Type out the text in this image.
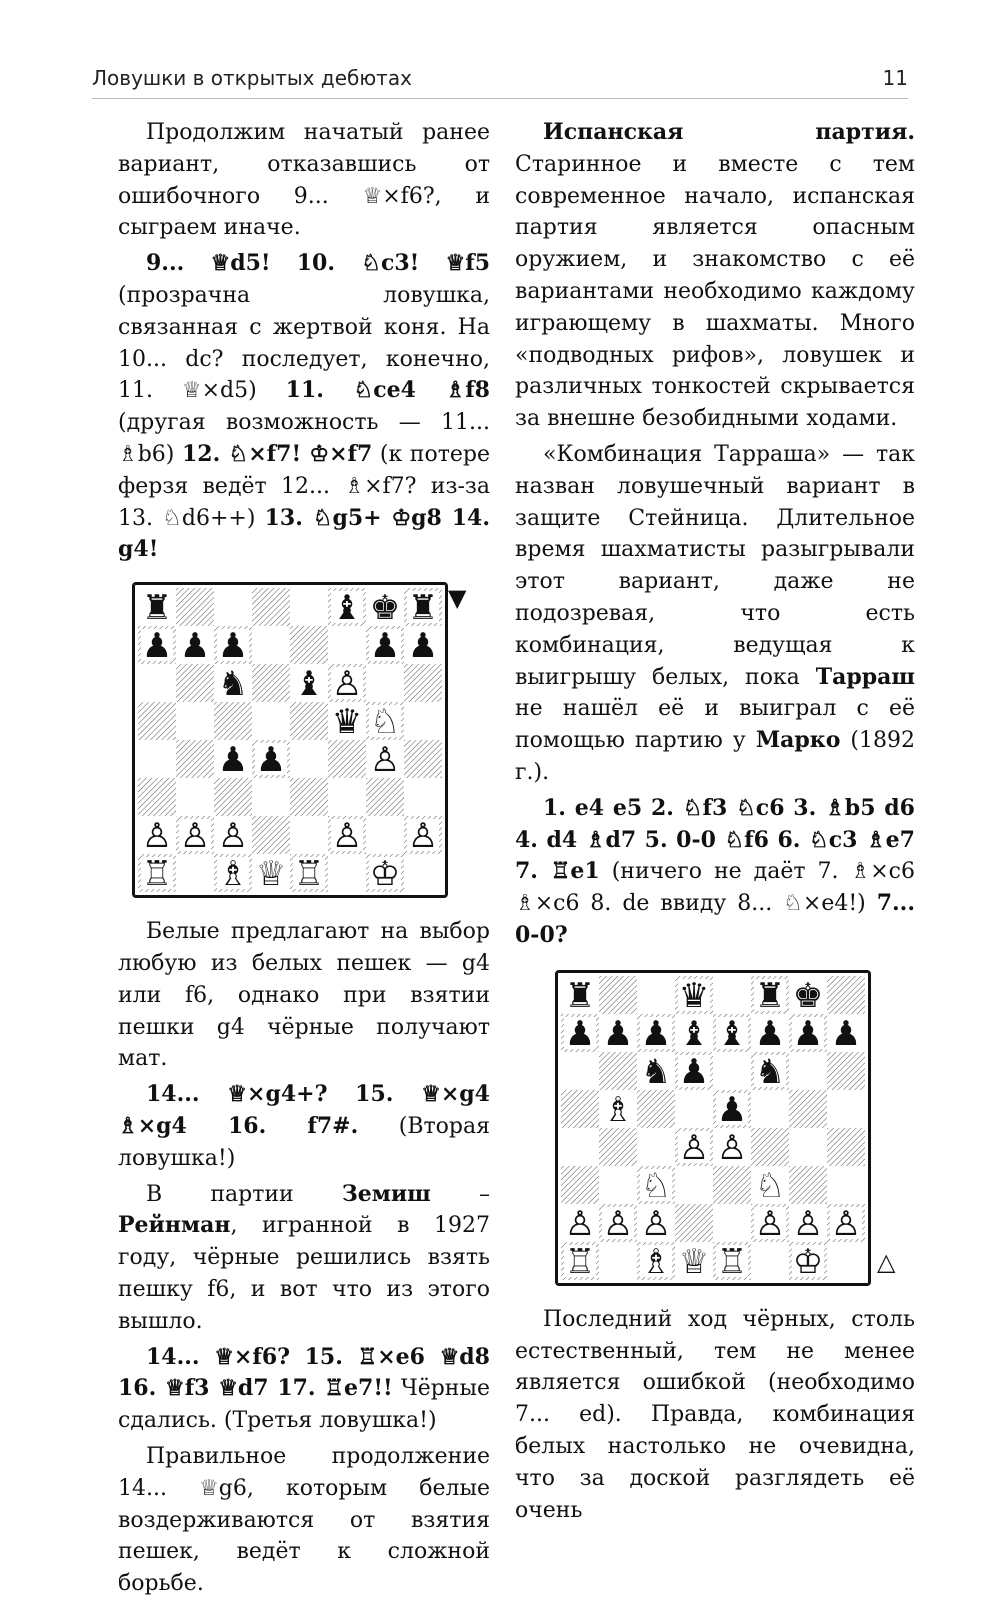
Ловушки в открытых дебютах	11

Продолжим начатый ранее вариант, отказавшись от ошибочного 9... ♕×f6?, и сыграем иначе.

9... ♕d5! 10. ♘c3! ♕f5 (прозрачна ловушка, связанная с жертвой коня. На 10... dc? последует, конечно, 11. ♕×d5) 11. ♘ce4 ♗f8 (другая возможность — 11... ♗b6) 12. ♘×f7! ♔×f7 (к потере ферзя ведёт 12... ♗×f7? из-за 13. ♘d6++) 13. ♘g5+ ♔g8 14. g4!

♜	♝ ♚ ♜
♟ ♟ ♟	♟ ♟
♞ ♝ ♙
♛ ♘
♟ ♟ ♙
♙ ♙ ♙ ♙ ♙
♖ ♗ ♕ ♖ ♔
▼

Белые предлагают на выбор любую из белых пешек — g4 или f6, однако при взятии пешки g4 чёрные получают мат.

14... ♕×g4+? 15. ♕×g4 ♗×g4 16. f7#. (Вторая ловушка!)

В партии Земиш – Рейнман, игранной в 1927 году, чёрные решились взять пешку f6, и вот что из этого вышло.

14... ♕×f6? 15. ♖×e6 ♕d8 16. ♕f3 ♕d7 17. ♖e7!! Чёрные сдались. (Третья ловушка!)

Правильное продолжение 14... ♕g6, которым белые воздерживаются от взятия пешек, ведёт к сложной борьбе.

Испанская партия. Старинное и вместе с тем современное начало, испанская партия является опасным оружием, и знакомство с её вариантами необходимо каждому играющему в шахматы. Много «подводных рифов», ловушек и различных тонкостей скрывается за внешне безобидными ходами.

«Комбинация Тарраша» — так назван ловушечный вариант в защите Стейница. Длительное время шахматисты разыгрывали этот вариант, даже не подозревая, что есть комбинация, ведущая к выигрышу белых, пока Тарраш не нашёл её и выиграл с её помощью партию у Марко (1892 г.).

1. e4 e5 2. ♘f3 ♘c6 3. ♗b5 d6 4. d4 ♗d7 5. 0-0 ♘f6 6. ♘c3 ♗e7 7. ♖e1 (ничего не даёт 7. ♗×c6 ♗×c6 8. de ввиду 8... ♘×e4!) 7... 0-0?

♜ ♛ ♜ ♚
♟ ♟ ♟ ♝ ♝ ♟ ♟ ♟
♞ ♟ ♞
♗ ♟
♙ ♙
♘ ♘
♙ ♙ ♙ ♙ ♙ ♙
♖ ♗ ♕ ♖ ♔ △

Последний ход чёрных, столь естественный, тем не менее является ошибкой (необходимо 7... ed). Правда, комбинация белых настолько не очевидна, что за доской разглядеть её очень
